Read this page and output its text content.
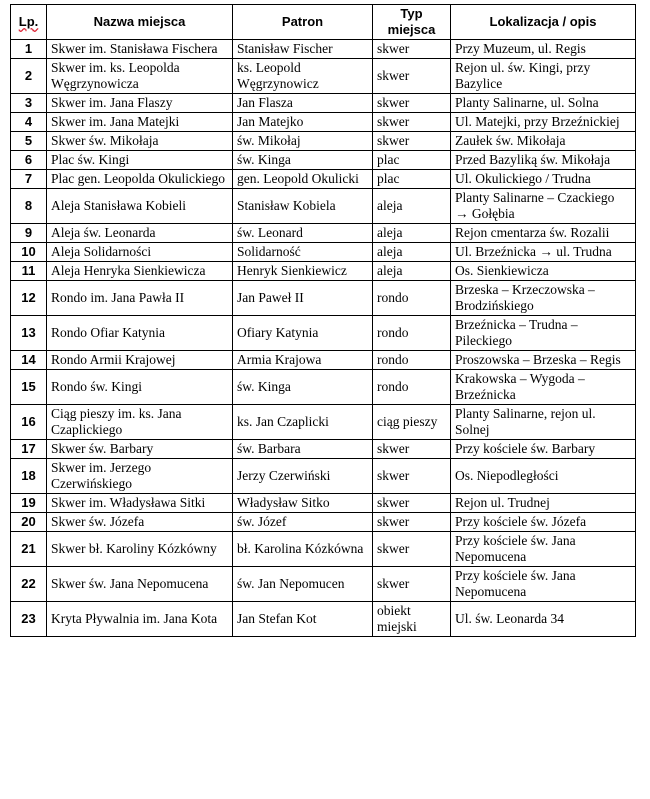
Lp.	Nazwa miejsca	Patron	Typ miejsca	Lokalizacja / opis
1	Skwer im. Stanisława Fischera	Stanisław Fischer	skwer	Przy Muzeum, ul. Regis
2	Skwer im. ks. Leopolda Węgrzynowicza	ks. Leopold Węgrzynowicz	skwer	Rejon ul. św. Kingi, przy Bazylice
3	Skwer im. Jana Flaszy	Jan Flasza	skwer	Planty Salinarne, ul. Solna
4	Skwer im. Jana Matejki	Jan Matejko	skwer	Ul. Matejki, przy Brzeźnickiej
5	Skwer św. Mikołaja	św. Mikołaj	skwer	Zaułek św. Mikołaja
6	Plac św. Kingi	św. Kinga	plac	Przed Bazyliką św. Mikołaja
7	Plac gen. Leopolda Okulickiego	gen. Leopold Okulicki	plac	Ul. Okulickiego / Trudna
8	Aleja Stanisława Kobieli	Stanisław Kobiela	aleja	Planty Salinarne – Czackiego → Gołębia
9	Aleja św. Leonarda	św. Leonard	aleja	Rejon cmentarza św. Rozalii
10	Aleja Solidarności	Solidarność	aleja	Ul. Brzeźnicka → ul. Trudna
11	Aleja Henryka Sienkiewicza	Henryk Sienkiewicz	aleja	Os. Sienkiewicza
12	Rondo im. Jana Pawła II	Jan Paweł II	rondo	Brzeska – Krzeczowska – Brodzińskiego
13	Rondo Ofiar Katynia	Ofiary Katynia	rondo	Brzeźnicka – Trudna – Pileckiego
14	Rondo Armii Krajowej	Armia Krajowa	rondo	Proszowska – Brzeska – Regis
15	Rondo św. Kingi	św. Kinga	rondo	Krakowska – Wygoda – Brzeźnicka
16	Ciąg pieszy im. ks. Jana Czaplickiego	ks. Jan Czaplicki	ciąg pieszy	Planty Salinarne, rejon ul. Solnej
17	Skwer św. Barbary	św. Barbara	skwer	Przy kościele św. Barbary
18	Skwer im. Jerzego Czerwińskiego	Jerzy Czerwiński	skwer	Os. Niepodległości
19	Skwer im. Władysława Sitki	Władysław Sitko	skwer	Rejon ul. Trudnej
20	Skwer św. Józefa	św. Józef	skwer	Przy kościele św. Józefa
21	Skwer bł. Karoliny Kózkówny	bł. Karolina Kózkówna	skwer	Przy kościele św. Jana Nepomucena
22	Skwer św. Jana Nepomucena	św. Jan Nepomucen	skwer	Przy kościele św. Jana Nepomucena
23	Kryta Pływalnia im. Jana Kota	Jan Stefan Kot	obiekt miejski	Ul. św. Leonarda 34
